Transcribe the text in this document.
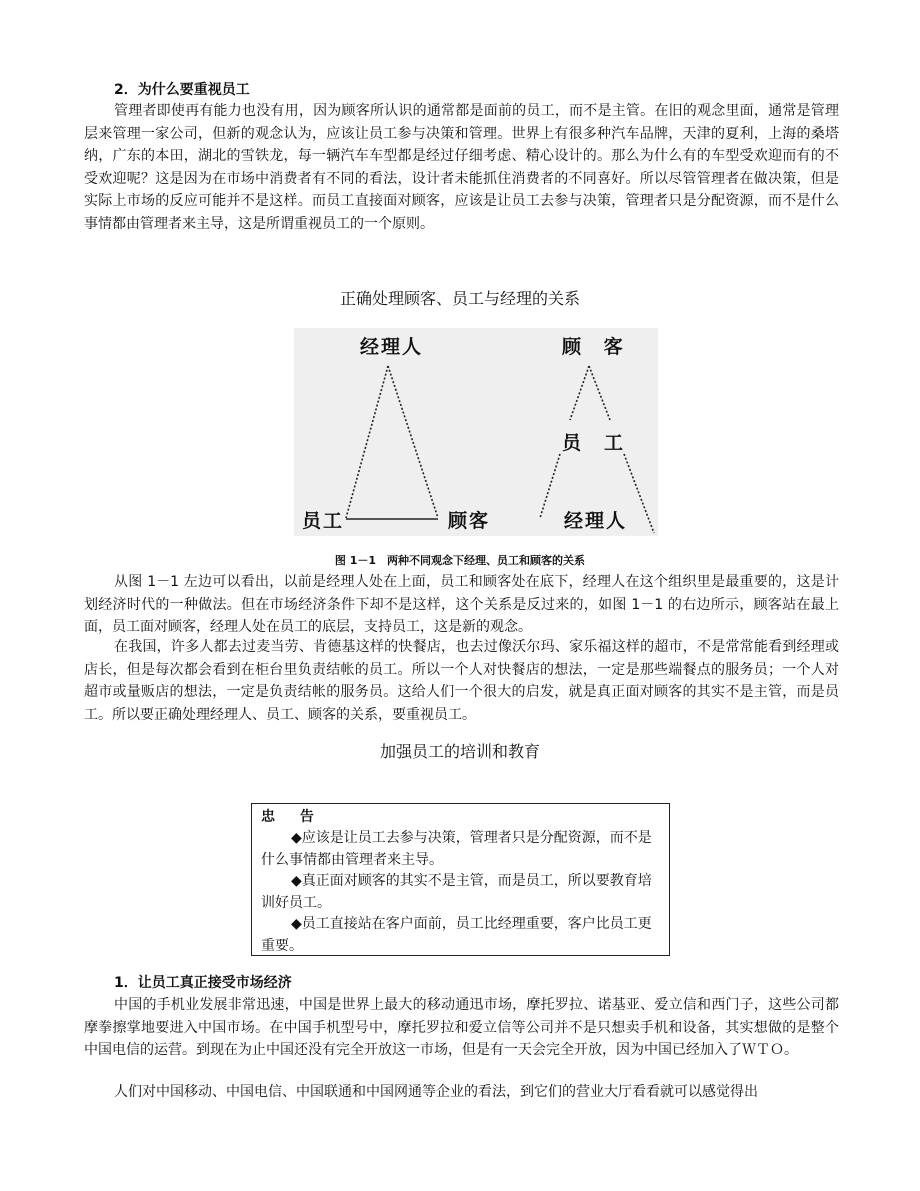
2．为什么要重视员工

管理者即使再有能力也没有用，因为顾客所认识的通常都是面前的员工，而不是主管。在旧的观念里面，通常是管理层来管理一家公司，但新的观念认为，应该让员工参与决策和管理。世界上有很多种汽车品牌，天津的夏利，上海的桑塔纳，广东的本田，湖北的雪铁龙，每一辆汽车车型都是经过仔细考虑、精心设计的。那么为什么有的车型受欢迎而有的不受欢迎呢？这是因为在市场中消费者有不同的看法，设计者未能抓住消费者的不同喜好。所以尽管管理者在做决策，但是实际上市场的反应可能并不是这样。而员工直接面对顾客，应该是让员工去参与决策，管理者只是分配资源，而不是什么事情都由管理者来主导，这是所谓重视员工的一个原则。

正确处理顾客、员工与经理的关系
经理人
员工	顾客
顾 客
员　工
经理人
图 1－1　两种不同观念下经理、员工和顾客的关系

从图 1－1 左边可以看出，以前是经理人处在上面，员工和顾客处在底下，经理人在这个组织里是最重要的，这是计划经济时代的一种做法。但在市场经济条件下却不是这样，这个关系是反过来的，如图 1－1 的右边所示，顾客站在最上面，员工面对顾客，经理人处在员工的底层，支持员工，这是新的观念。

在我国，许多人都去过麦当劳、肯德基这样的快餐店，也去过像沃尔玛、家乐福这样的超市，不是常常能看到经理或店长，但是每次都会看到在柜台里负责结帐的员工。所以一个人对快餐店的想法，一定是那些端餐点的服务员；一个人对超市或量贩店的想法，一定是负责结帐的服务员。这给人们一个很大的启发，就是真正面对顾客的其实不是主管，而是员工。所以要正确处理经理人、员工、顾客的关系，要重视员工。

加强员工的培训和教育
忠 告

◆应该是让员工去参与决策，管理者只是分配资源，而不是什么事情都由管理者来主导。

◆真正面对顾客的其实不是主管，而是员工，所以要教育培训好员工。

◆员工直接站在客户面前，员工比经理重要，客户比员工更重要。

1．让员工真正接受市场经济

中国的手机业发展非常迅速，中国是世界上最大的移动通迅市场，摩托罗拉、诺基亚、爱立信和西门子，这些公司都摩拳擦掌地要进入中国市场。在中国手机型号中，摩托罗拉和爱立信等公司并不是只想卖手机和设备，其实想做的是整个中国电信的运营。到现在为止中国还没有完全开放这一市场，但是有一天会完全开放，因为中国已经加入了ＷＴＯ。

人们对中国移动、中国电信、中国联通和中国网通等企业的看法，到它们的营业大厅看看就可以感觉得出
